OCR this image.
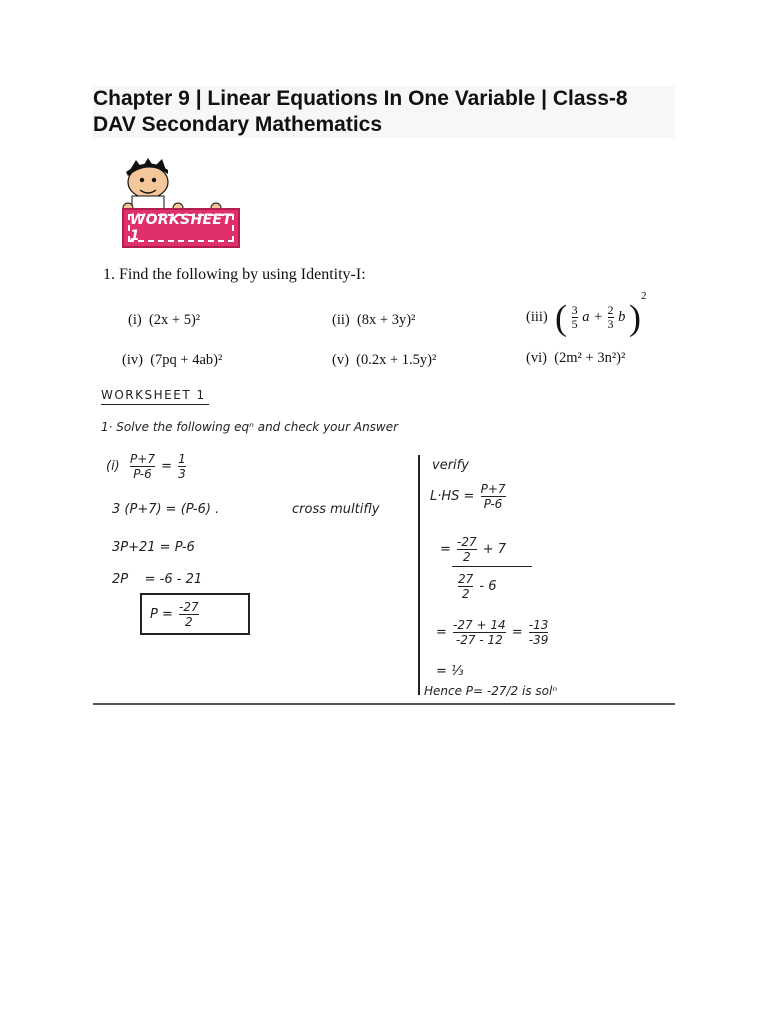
Chapter 9 | Linear Equations In One Variable | Class-8 DAV Secondary Mathematics
WORKSHEET 1
1. Find the following by using Identity-I:
(i) (2x + 5)²	(ii) (8x + 3y)²	(iii) ( $\frac{3}{5}$ $a + \frac{2}{3}$ b )$^2$
(iv) (7pq + 4ab)²	(v) (0.2x + 1.5y)²	(vi) (2m² + 3n²)²
WORKSHEET 1
1· Solve the following eqⁿ and check your Answer
$(i) \frac{P+7}{P-6} = \frac{1}{3}$
3 (P+7) = (P-6) .	cross multifly
3P+21 = P-6
2P    = -6 - 21
$P = \frac{-27}{2}$
verify
$L\cdot HS = \frac{P+7}{P-6}$
= $\frac{-27}{2} + 7$
$\frac{27}{2} - 6$
= $\frac{-27 + 14}{-27 - 12} = \frac{-13}{-39}$
= ⅓
Hence P= -27/2 is solⁿ
